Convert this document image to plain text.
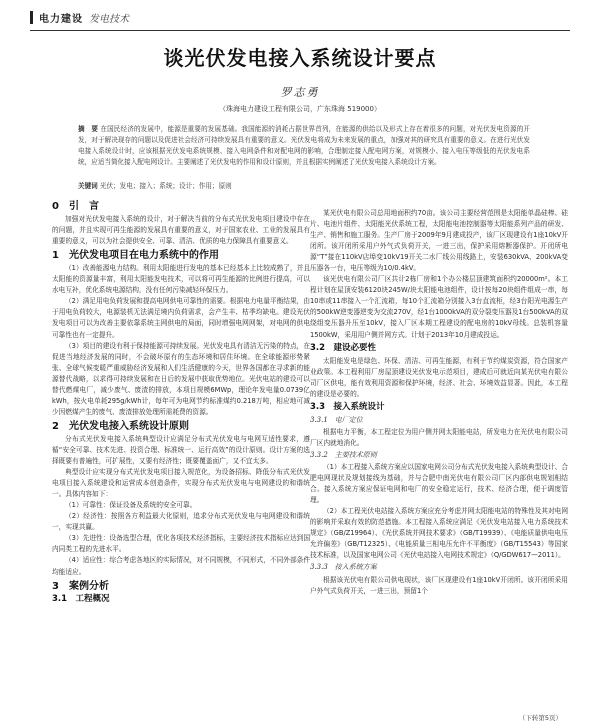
电力建设 发电技术
谈光伏发电接入系统设计要点
罗志勇
（珠海电力建设工程有限公司，广东珠海 519000）
摘　要 在国民经济的发展中，能源是重要的发展基础。我国能源的消耗占据世界首列，在能源的供给以及形式上存在着很多的问题，对光伏发电资源的开发，对于解决现存的问题以及促进社会经济可持续发展具有重要的意义。光伏发电将成为未来发展的重点，加强对其的研究具有重要的意义。在进行光伏发电接入系统设计时，应该根据光伏发电系统规模、接入电网条件和对配电网的影响，合理制定接入配电网方案，对规模小、接入电压等级低的光伏发电系统，应适当简化接入配电网设计。主要阐述了光伏发电的作用和设计原则，并且根据实例阐述了光伏发电接入系统设计方案。
关键词 光伏；发电；接入；系统；设计；作用；原则
0　引　言

加强对光伏发电接入系统的设计，对于解决当前的分布式光伏发电项目建设中存在的问题，并且实现可再生能源的发展具有重要的意义，对于国家农业、工业的发展具有重要的意义，可以为社会提供安全、可靠、清洁、优质的电力保障具有重要意义。

1　光伏发电项目在电力系统中的作用

（1）改善能源电力结构。利用太阳能进行发电的基本已经基本上比较成熟了，并且太阳能的资源量丰富，利用太阳能发电技术，可以将可再生能源的比例进行提高，可以水电互补，优化系统电源结构，没有任何污染减轻环保压力。

（2）满足用电负荷发展和提高电网供电可靠性的需要。根据电力电量平衡结果，由于用电负荷较大，电源装机无法满足境内负荷需求，会产生丰、枯季均缺电。建设光伏发电项目可以为改善主要依靠系统主网供电的局面，同时增强电网网架，对电网的供电可靠性也有一定提升。

（3）项目的建设有利于保持能源可持续发展。光伏发电具有清洁无污染的特点，在促进当地经济发展的同时，不会破坏原有的生态环境和居住环境。在全球能源形势紧张、全球气候变暖严重威胁经济发展和人们生活健康的今天，世界各国都在寻求新的能源替代战略，以求得可持续发展和在日后的发展中获取优势地位。光伏电站的建设可以替代燃煤电厂，减少废气、废渣的排放，本项目规模6MWp，理论年发电量0.0739亿kWh，按火电单耗295g/kWh计，每年可为电网节约标准煤约0.218万吨，相应地可减少因燃煤产生的废气、废渣排放处理所需耗费的资源。

2　光伏发电接入系统设计原则

分布式光伏发电接入系统典型设计应满足分布式光伏发电与电网互适性要求，遵循“安全可靠、技术先进、投资合理、标准统一、运行高效”的设计原则。设计方案的选择既要有普遍性，可扩展性，又要有经济性；既要覆盖面广，又不宜太多。

典型设计应实现分布式光伏发电项目接入规范化，为设备招标、降低分布式光伏发电项目接入系统建设和运营成本创造条件，实现分布式光伏发电与电网建设的和谐统一。具体内容如下：

（1）可靠性：保证设备及系统的安全可靠。

（2）经济性：按照各方利益最大化原则，追求分布式光伏发电与电网建设和谐统一，实现共赢。

（3）先进性：设备选型合理，优化各项技术经济指标，主要经济技术指标应达到国内同类工程的先进水平。

（4）适应性：综合考虑各地区的实际情况，对不同规模，不同形式，不同外部条件均能适应。

3　案例分析
3.1　工程概况

某光伏电有限公司总用地面积约70亩。该公司主要经营范围是太阳能单晶硅棒、硅片、电池片组件、太阳能光伏系统工程，太阳能电池控制器等太阳能系列产品的研发、生产、销售和施工服务。生产厂房于2009年9月建成投产，该厂区现建设有1座10kV开闭所。该开闭所采用户外气式负荷开关，一进三出，保护采用熔断器保护。开闭所电源“T”接在110kV店埠变10kV19开关二水厂线公用线路上，安装630kVA、200kVA变压器各一台，电压等级为10/0.4kV。

该光伏电有限公司厂区共计2栋厂房和1个办公楼层顶建筑面积约20000m²。本工程计划在屋顶安装6120块245W/块太阳能电池组件，设计按每20块组件组成一串，每10串或11串接入一个汇流箱，每10个汇流箱分别接入3台直流柜，经3台阳光电源生产的500kW逆变器逆变为交流270V，经1台1000kVA的双分裂变压器及1台500kVA的双绕组变压器升压至10kV，接入厂区本期工程建设的配电房的10kV母线。总装机容量1500kW，采用用户侧并网方式。计划于2013年10月建成投运。

3.2　建设必要性

太阳能发电是绿色、环保、清洁、可再生能源，有利于节约煤炭资源，符合国家产业政策。本工程利用厂房屋顶建设光伏发电示范项目，建成后可就近向某光伏电有限公司厂区供电，能有效利用资源和保护环境，经济、社会、环境效益显著。因此，本工程的建设是必要的。

3.3　接入系统设计
3.3.1　电厂定位

根据电力平衡，本工程定位为用户侧并网太阳能电站，所发电力在光伏电有限公司厂区内就地消化。

3.3.2　主要技术原则

（1）本工程接入系统方案应以国家电网公司分布式光伏发电接入系统典型设计、合肥电网现状及规划接线为基础，并与合肥中南光伏电有限公司厂区内部供电规划相结合。接入系统方案应保证电网和电厂的安全稳定运行，技术、经济合理，便于调度管理。

（2）本工程光伏电站接入系统方案应充分考虑并网太阳能电站的特殊性及其对电网的影响并采取有效的防范措施。本工程接入系统应满足《光伏发电站接入电力系统技术规定》（GB/Z19964）、《光伏系统并网技术要求》（GB/T19939）、《电能质量供电电压允许偏差》（GB/T12325）、《电能质量三相电压允许不平衡度》（GB/T15543）等国家技术标准，以及国家电网公司《光伏电站接入电网技术规定》（Q/GDW617—2011）。

3.3.3　接入系统方案

根据该光伏电有限公司供电现状，该厂区现建设有1座10kV开闭所。该开闭所采用户外气式负荷开关，一进三出，预留1个

（下转第5页）
